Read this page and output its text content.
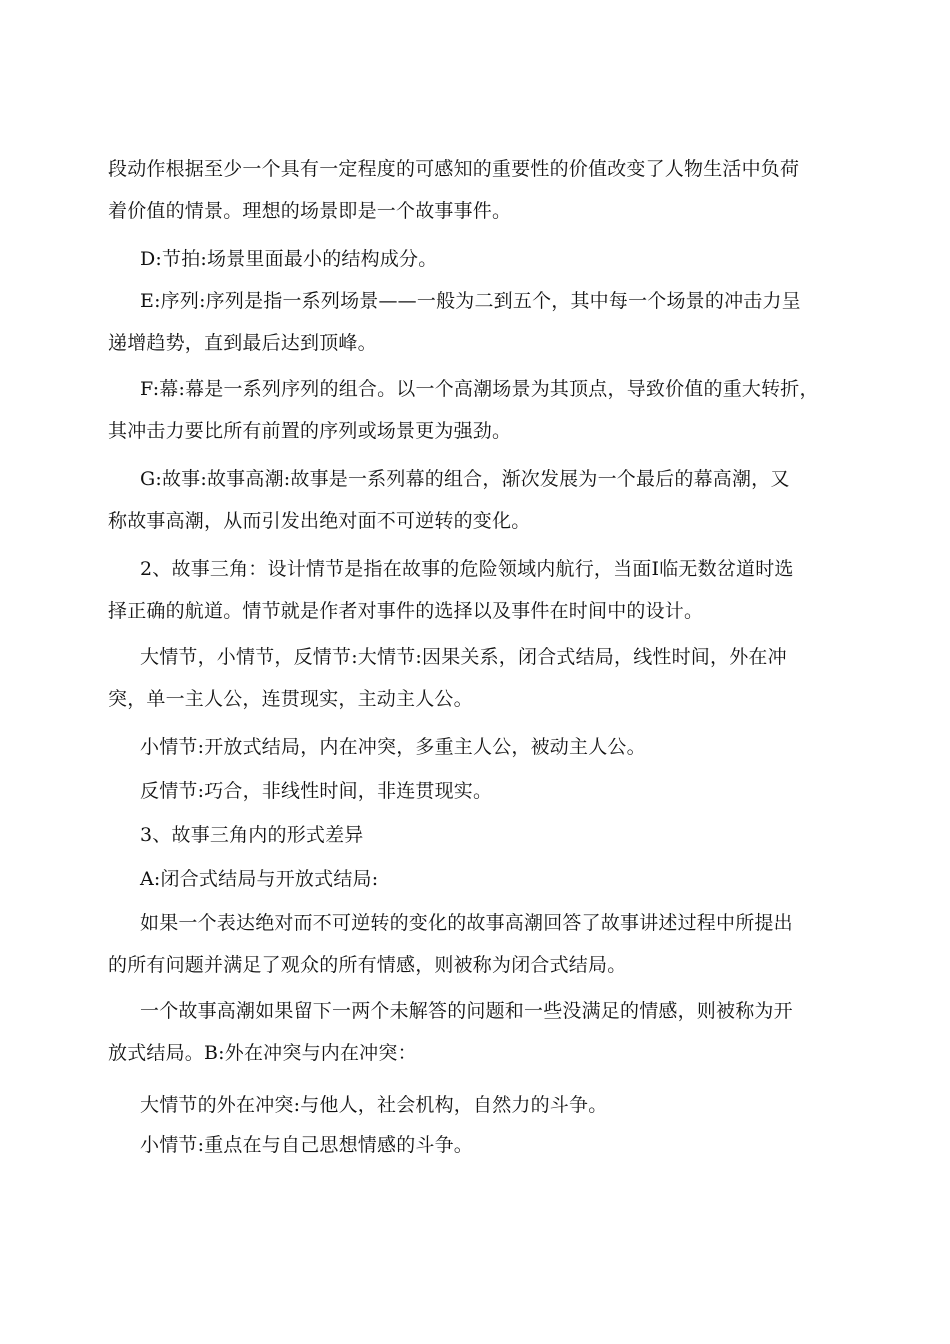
段动作根据至少一个具有一定程度的可感知的重要性的价值改变了人物生活中负荷
着价值的情景。理想的场景即是一个故事事件。
D:节拍:场景里面最小的结构成分。
E:序列:序列是指一系列场景——一般为二到五个，其中每一个场景的冲击力呈
递增趋势，直到最后达到顶峰。
F:幕:幕是一系列序列的组合。以一个高潮场景为其顶点，导致价值的重大转折，
其冲击力要比所有前置的序列或场景更为强劲。
G:故事:故事高潮:故事是一系列幕的组合，渐次发展为一个最后的幕高潮，又
称故事高潮，从而引发出绝对面不可逆转的变化。
2、故事三角：设计情节是指在故事的危险领域内航行，当面Ⅰ临无数岔道时选
择正确的航道。情节就是作者对事件的选择以及事件在时间中的设计。
大情节，小情节，反情节:大情节:因果关系，闭合式结局，线性时间，外在冲
突，单一主人公，连贯现实，主动主人公。
小情节:开放式结局，内在冲突，多重主人公，被动主人公。
反情节:巧合，非线性时间，非连贯现实。
3、故事三角内的形式差异
A:闭合式结局与开放式结局:
如果一个表达绝对而不可逆转的变化的故事高潮回答了故事讲述过程中所提出
的所有问题并满足了观众的所有情感，则被称为闭合式结局。
一个故事高潮如果留下一两个未解答的问题和一些没满足的情感，则被称为开
放式结局。B:外在冲突与内在冲突：
大情节的外在冲突:与他人，社会机构，自然力的斗争。
小情节:重点在与自己思想情感的斗争。
